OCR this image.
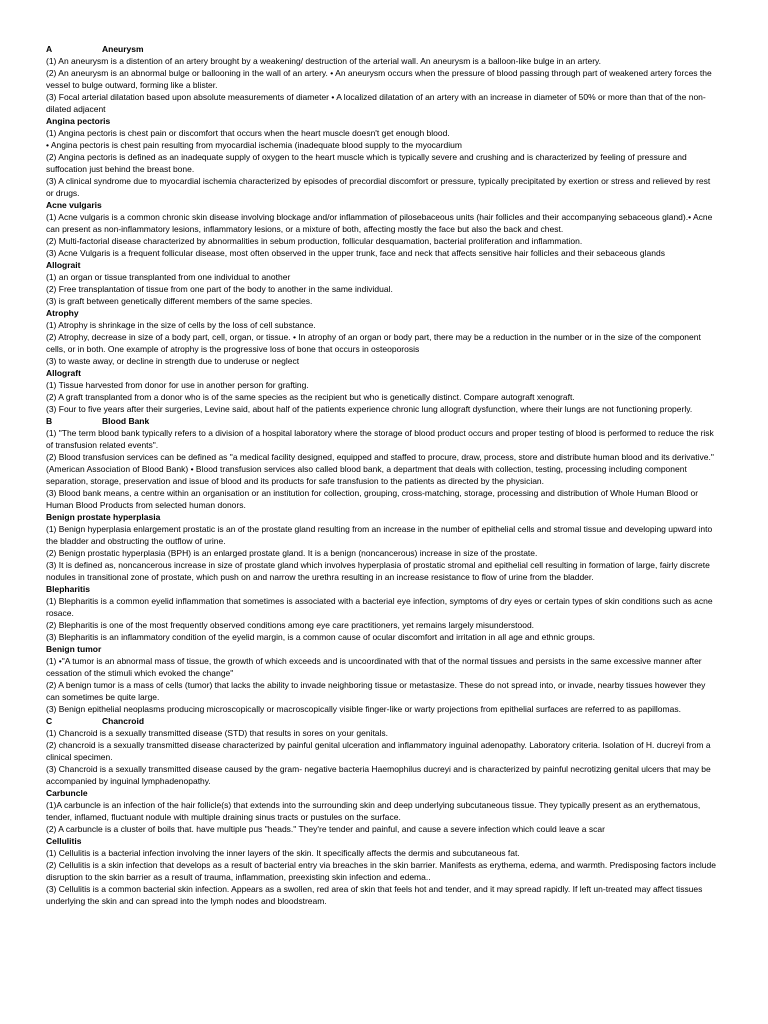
A	Aneurysm

(1) An aneurysm is a distention of an artery brought by a weakening/ destruction of the arterial wall. An aneurysm is a balloon-like bulge in an artery.

(2) An aneurysm is an abnormal bulge or ballooning in the wall of an artery. • An aneurysm occurs when the pressure of blood passing through part of weakened artery forces the vessel to bulge outward, forming like a blister.

(3) Focal arterial dilatation based upon absolute measurements of diameter • A localized dilatation of an artery with an increase in diameter of 50% or more than that of the non-dilated adjacent

Angina pectoris

(1) Angina pectoris is chest pain or discomfort that occurs when the heart muscle doesn't get enough blood.

• Angina pectoris is chest pain resulting from myocardial ischemia (inadequate blood supply to the myocardium

(2) Angina pectoris is defined as an inadequate supply of oxygen to the heart muscle which is typically severe and crushing and is characterized by feeling of pressure and suffocation just behind the breast bone.

(3) A clinical syndrome due to myocardial ischemia characterized by episodes of precordial discomfort or pressure, typically precipitated by exertion or stress and relieved by rest or drugs.

Acne vulgaris

(1) Acne vulgaris is a common chronic skin disease involving blockage and/or inflammation of pilosebaceous units (hair follicles and their accompanying sebaceous gland).• Acne can present as non-inflammatory lesions, inflammatory lesions, or a mixture of both, affecting mostly the face but also the back and chest.

(2) Multi-factorial disease characterized by abnormalities in sebum production, follicular desquamation, bacterial proliferation and inflammation.

(3) Acne Vulgaris is a frequent follicular disease, most often observed in the upper trunk, face and neck that affects sensitive hair follicles and their sebaceous glands

Allograit

(1) an organ or tissue transplanted from one individual to another

(2) Free transplantation of tissue from one part of the body to another in the same individual.

(3) is graft between genetically different members of the same species.

Atrophy

(1) Atrophy is shrinkage in the size of cells by the loss of cell substance.

(2) Atrophy, decrease in size of a body part, cell, organ, or tissue. • In atrophy of an organ or body part, there may be a reduction in the number or in the size of the component cells, or in both. One example of atrophy is the progressive loss of bone that occurs in osteoporosis

(3) to waste away, or decline in strength due to underuse or neglect

Allograft

(1) Tissue harvested from donor for use in another person for grafting.

(2) A graft transplanted from a donor who is of the same species as the recipient but who is genetically distinct. Compare autograft xenograft.

(3) Four to five years after their surgeries, Levine said, about half of the patients experience chronic lung allograft dysfunction, where their lungs are not functioning properly.

B	Blood Bank

(1) "The term blood bank typically refers to a division of a hospital laboratory where the storage of blood product occurs and proper testing of blood is performed to reduce the risk of transfusion related events".

(2) Blood transfusion services can be defined as "a medical facility designed, equipped and staffed to procure, draw, process, store and distribute human blood and its derivative." (American Association of Blood Bank) • Blood transfusion services also called blood bank, a department that deals with collection, testing, processing including component separation, storage, preservation and issue of blood and its products for safe transfusion to the patients as directed by the physician.

(3) Blood bank means, a centre within an organisation or an institution for collection, grouping, cross-matching, storage, processing and distribution of Whole Human Blood or Human Blood Products from selected human donors.

Benign prostate hyperplasia

(1) Benign hyperplasia enlargement prostatic is an of the prostate gland resulting from an increase in the number of epithelial cells and stromal tissue and developing upward into the bladder and obstructing the outflow of urine.

(2) Benign prostatic hyperplasia (BPH) is an enlarged prostate gland. It is a benign (noncancerous) increase in size of the prostate.

(3) It is defined as, noncancerous increase in size of prostate gland which involves hyperplasia of prostatic stromal and epithelial cell resulting in formation of large, fairly discrete nodules in transitional zone of prostate, which push on and narrow the urethra resulting in an increase resistance to flow of urine from the bladder.

Blepharitis

(1) Blepharitis is a common eyelid inflammation that sometimes is associated with a bacterial eye infection, symptoms of dry eyes or certain types of skin conditions such as acne rosace.

(2) Blepharitis is one of the most frequently observed conditions among eye care practitioners, yet remains largely misunderstood.

(3) Blepharitis is an inflammatory condition of the eyelid margin, is a common cause of ocular discomfort and irritation in all age and ethnic groups.

Benign tumor

(1) •"A tumor is an abnormal mass of tissue, the growth of which exceeds and is uncoordinated with that of the normal tissues and persists in the same excessive manner after cessation of the stimuli which evoked the change"

(2) A benign tumor is a mass of cells (tumor) that lacks the ability to invade neighboring tissue or metastasize. These do not spread into, or invade, nearby tissues however they can sometimes be quite large.

(3) Benign epithelial neoplasms producing microscopically or macroscopically visible finger-like or warty projections from epithelial surfaces are referred to as papillomas.

C	Chancroid

(1) Chancroid is a sexually transmitted disease (STD) that results in sores on your genitals.

(2) chancroid is a sexually transmitted disease characterized by painful genital ulceration and inflammatory inguinal adenopathy. Laboratory criteria. Isolation of H. ducreyi from a clinical specimen.

(3) Chancroid is a sexually transmitted disease caused by the gram- negative bacteria Haemophilus ducreyi and is characterized by painful necrotizing genital ulcers that may be accompanied by inguinal lymphadenopathy.

Carbuncle

(1)A carbuncle is an infection of the hair follicle(s) that extends into the surrounding skin and deep underlying subcutaneous tissue. They typically present as an erythematous, tender, inflamed, fluctuant nodule with multiple draining sinus tracts or pustules on the surface.

(2) A carbuncle is a cluster of boils that. have multiple pus "heads." They're tender and painful, and cause a severe infection which could leave a scar

Cellulitis

(1) Cellulitis is a bacterial infection involving the inner layers of the skin. It specifically affects the dermis and subcutaneous fat.

(2) Cellulitis is a skin infection that develops as a result of bacterial entry via breaches in the skin barrier. Manifests as erythema, edema, and warmth. Predisposing factors include disruption to the skin barrier as a result of trauma, inflammation, preexisting skin infection and edema..

(3) Cellulitis is a common bacterial skin infection. Appears as a swollen, red area of skin that feels hot and tender, and it may spread rapidly. If left un-treated may affect tissues underlying the skin and can spread into the lymph nodes and bloodstream.
